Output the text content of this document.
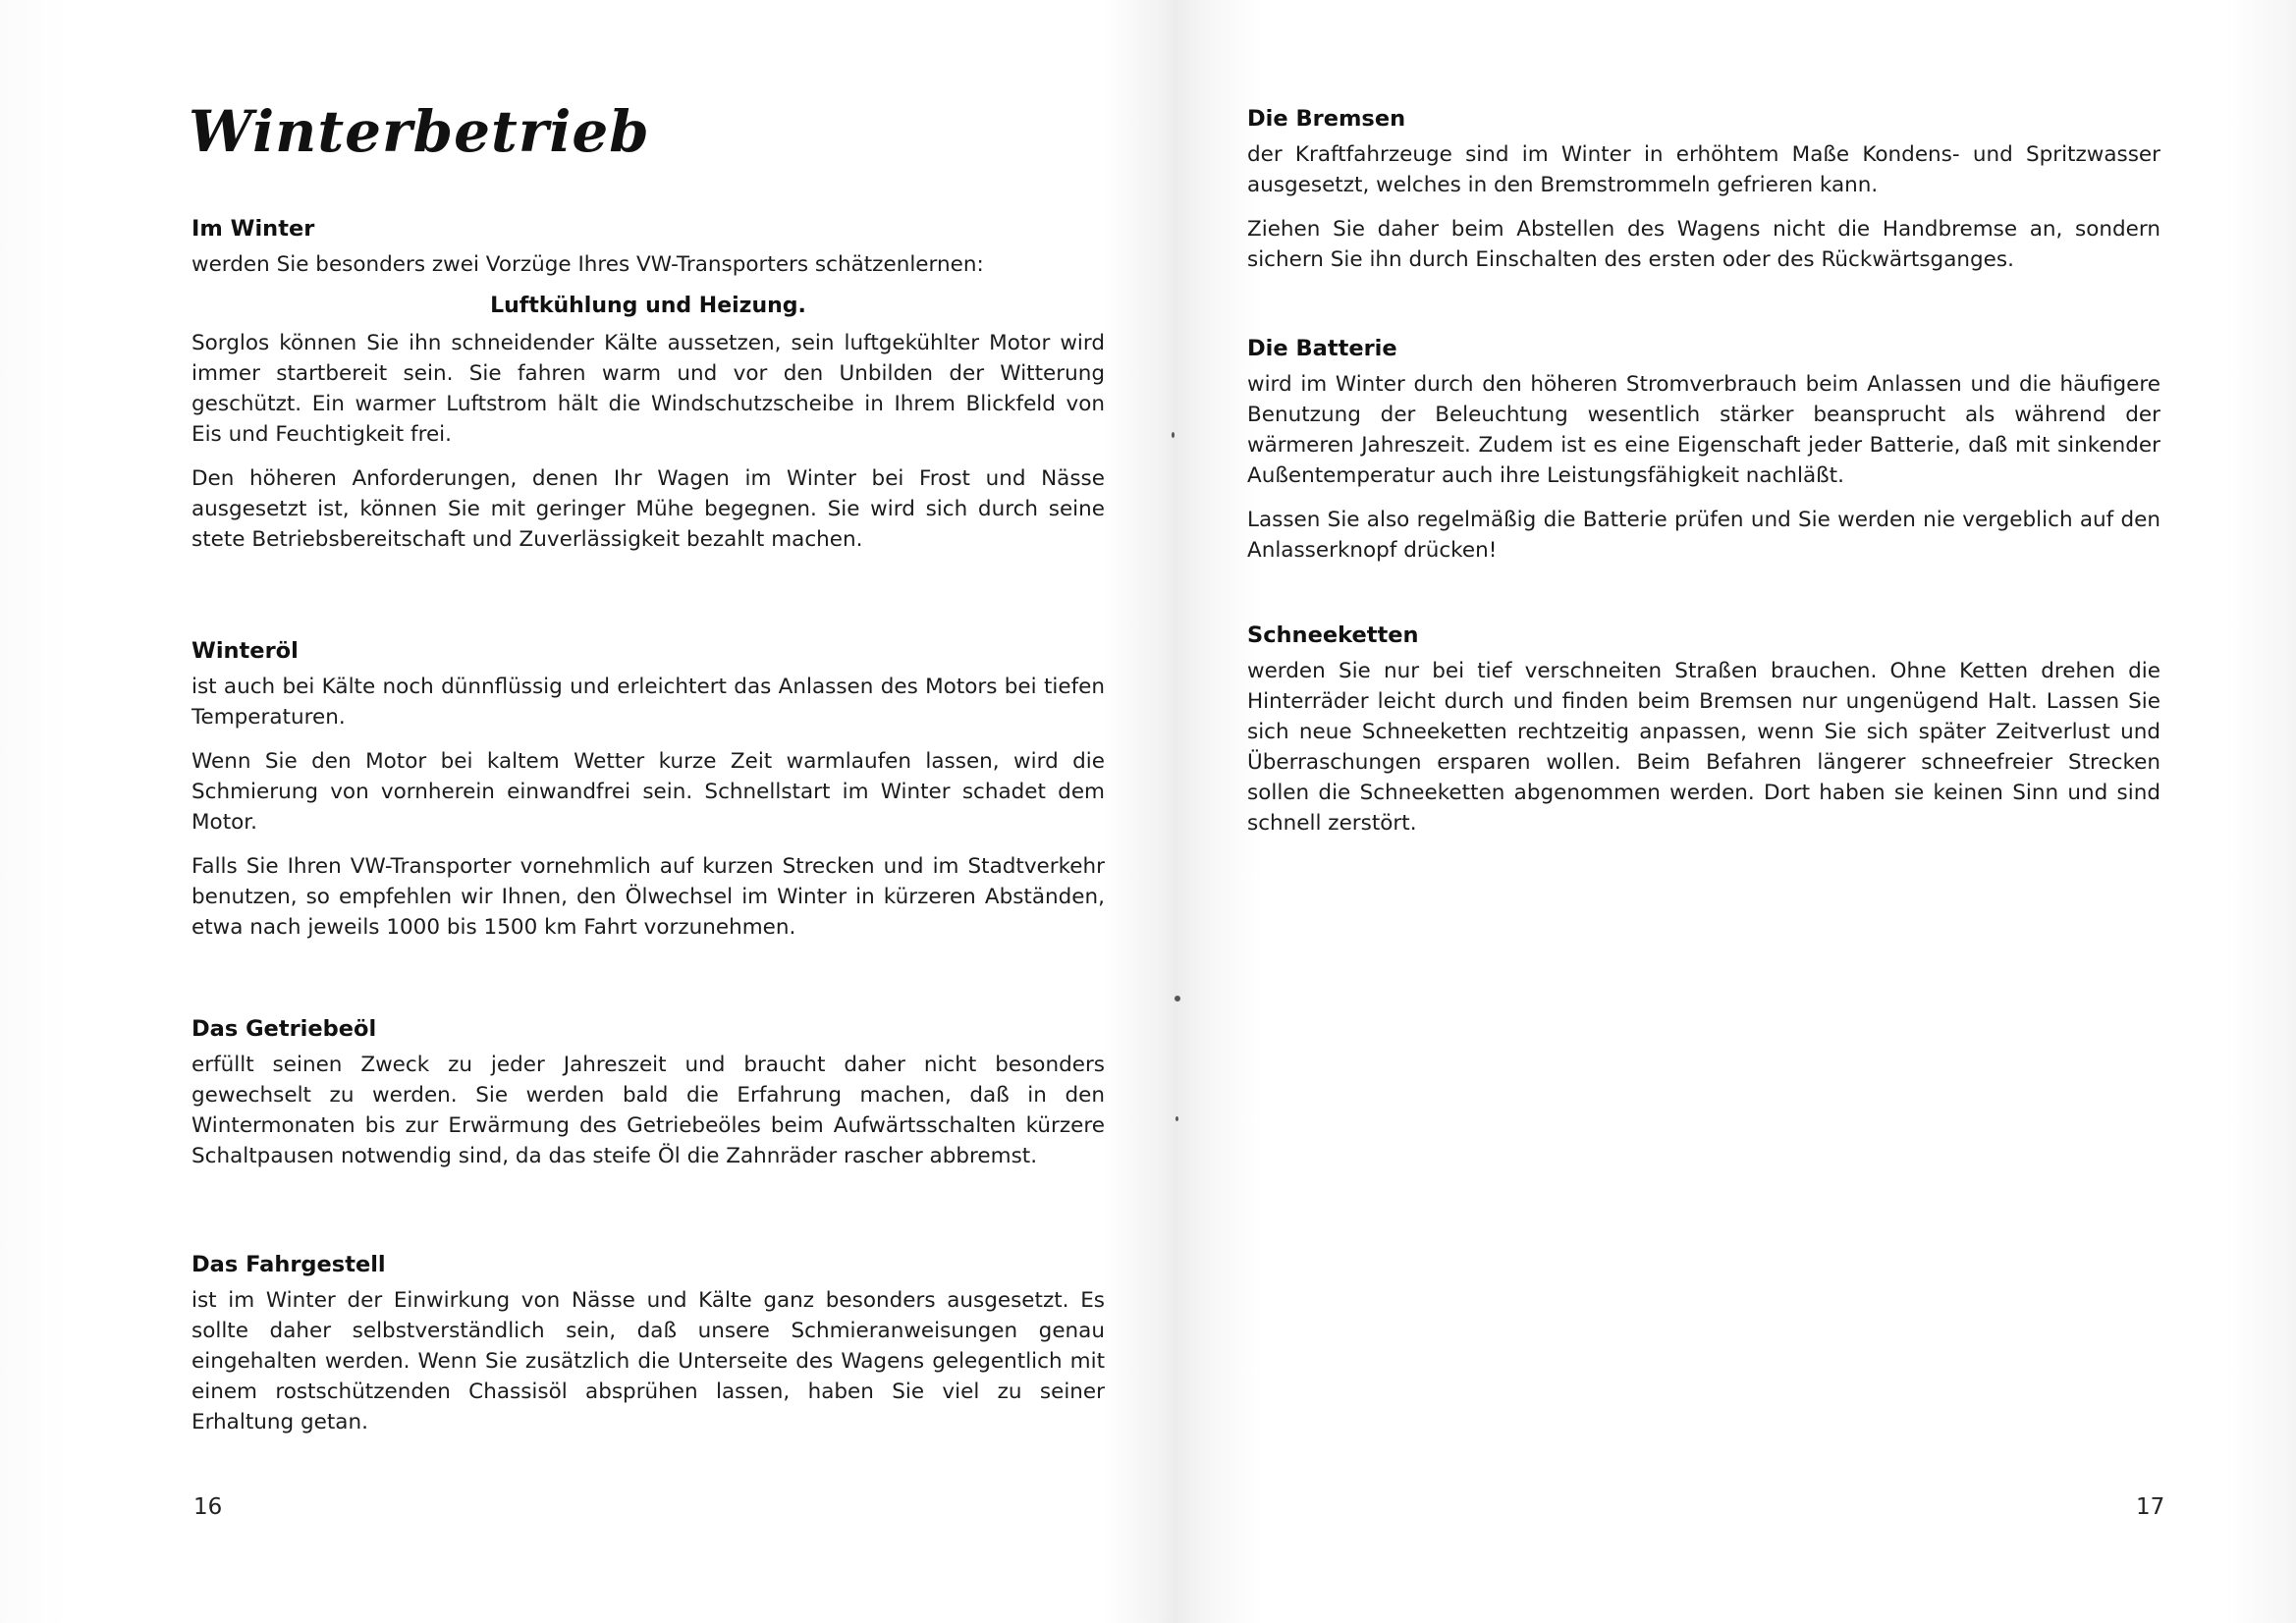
Winterbetrieb
Im Winter

werden Sie besonders zwei Vorzüge Ihres VW-Transporters schätzenlernen:

Luftkühlung und Heizung.

Sorglos können Sie ihn schneidender Kälte aussetzen, sein luftgekühlter Motor wird immer startbereit sein. Sie fahren warm und vor den Unbilden der Witterung geschützt. Ein warmer Luftstrom hält die Windschutzscheibe in Ihrem Blickfeld von Eis und Feuchtigkeit frei.

Den höheren Anforderungen, denen Ihr Wagen im Winter bei Frost und Nässe ausgesetzt ist, können Sie mit geringer Mühe begegnen. Sie wird sich durch seine stete Betriebsbereitschaft und Zuverlässigkeit bezahlt machen.

Winteröl

ist auch bei Kälte noch dünnflüssig und erleichtert das Anlassen des Motors bei tiefen Temperaturen.

Wenn Sie den Motor bei kaltem Wetter kurze Zeit warmlaufen lassen, wird die Schmierung von vornherein einwandfrei sein. Schnellstart im Winter schadet dem Motor.

Falls Sie Ihren VW-Transporter vornehmlich auf kurzen Strecken und im Stadtverkehr benutzen, so empfehlen wir Ihnen, den Ölwechsel im Winter in kürzeren Abständen, etwa nach jeweils 1000 bis 1500 km Fahrt vorzunehmen.

Das Getriebeöl

erfüllt seinen Zweck zu jeder Jahreszeit und braucht daher nicht besonders gewechselt zu werden. Sie werden bald die Erfahrung machen, daß in den Wintermonaten bis zur Erwärmung des Getriebeöles beim Aufwärtsschalten kürzere Schaltpausen notwendig sind, da das steife Öl die Zahnräder rascher abbremst.

Das Fahrgestell

ist im Winter der Einwirkung von Nässe und Kälte ganz besonders ausgesetzt. Es sollte daher selbstverständlich sein, daß unsere Schmieranweisungen genau eingehalten werden. Wenn Sie zusätzlich die Unterseite des Wagens gelegentlich mit einem rostschützenden Chassisöl absprühen lassen, haben Sie viel zu seiner Erhaltung getan.

16

Die Bremsen

der Kraftfahrzeuge sind im Winter in erhöhtem Maße Kondens- und Spritzwasser ausgesetzt, welches in den Bremstrommeln gefrieren kann.

Ziehen Sie daher beim Abstellen des Wagens nicht die Handbremse an, sondern sichern Sie ihn durch Einschalten des ersten oder des Rückwärtsganges.

Die Batterie

wird im Winter durch den höheren Stromverbrauch beim Anlassen und die häufigere Benutzung der Beleuchtung wesentlich stärker beansprucht als während der wärmeren Jahreszeit. Zudem ist es eine Eigenschaft jeder Batterie, daß mit sinkender Außentemperatur auch ihre Leistungsfähigkeit nachläßt.

Lassen Sie also regelmäßig die Batterie prüfen und Sie werden nie vergeblich auf den Anlasserknopf drücken!

Schneeketten

werden Sie nur bei tief verschneiten Straßen brauchen. Ohne Ketten drehen die Hinterräder leicht durch und finden beim Bremsen nur ungenügend Halt. Lassen Sie sich neue Schneeketten rechtzeitig anpassen, wenn Sie sich später Zeitverlust und Überraschungen ersparen wollen. Beim Befahren längerer schneefreier Strecken sollen die Schneeketten abgenommen werden. Dort haben sie keinen Sinn und sind schnell zerstört.

17
